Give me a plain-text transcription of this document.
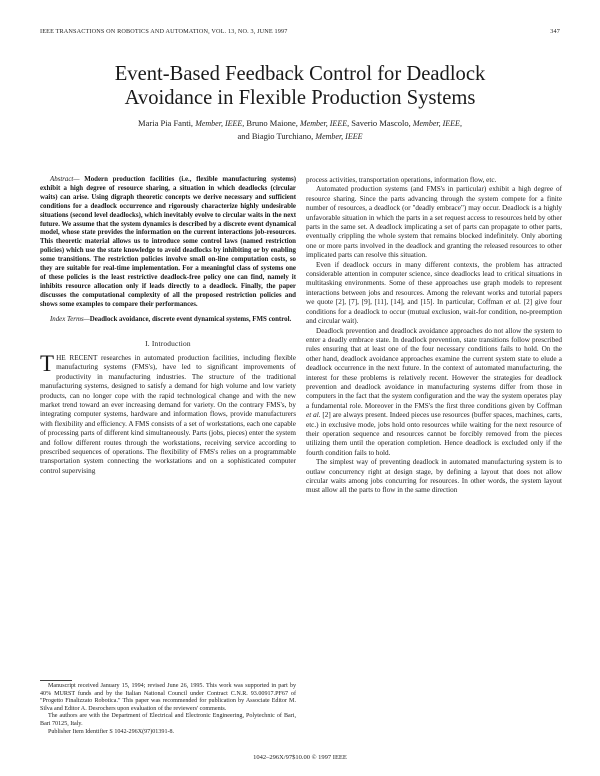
IEEE TRANSACTIONS ON ROBOTICS AND AUTOMATION, VOL. 13, NO. 3, JUNE 1997	347
Event-Based Feedback Control for Deadlock
Avoidance in Flexible Production Systems
Maria Pia Fanti, Member, IEEE, Bruno Maione, Member, IEEE, Saverio Mascolo, Member, IEEE,
and Biagio Turchiano, Member, IEEE

Abstract— Modern production facilities (i.e., flexible manufacturing systems) exhibit a high degree of resource sharing, a situation in which deadlocks (circular waits) can arise. Using digraph theoretic concepts we derive necessary and sufficient conditions for a deadlock occurrence and rigorously characterize highly undesirable situations (second level deadlocks), which inevitably evolve to circular waits in the next future. We assume that the system dynamics is described by a discrete event dynamical model, whose state provides the information on the current interactions job-resources. This theoretic material allows us to introduce some control laws (named restriction policies) which use the state knowledge to avoid deadlocks by inhibiting or by enabling some transitions. The restriction policies involve small on-line computation costs, so they are suitable for real-time implementation. For a meaningful class of systems one of these policies is the least restrictive deadlock-free policy one can find, namely it inhibits resource allocation only if leads directly to a deadlock. Finally, the paper discusses the computational complexity of all the proposed restriction policies and shows some examples to compare their performances.

Index Terms—Deadlock avoidance, discrete event dynamical systems, FMS control.

I. Introduction

THE RECENT researches in automated production facilities, including flexible manufacturing systems (FMS's), have led to significant improvements of productivity in manufacturing industries. The structure of the traditional manufacturing systems, designed to satisfy a demand for high volume and low variety products, can no longer cope with the rapid technological change and with the new market trend toward an ever increasing demand for variety. On the contrary FMS's, by integrating computer systems, hardware and information flows, provide manufacturers with flexibility and efficiency. A FMS consists of a set of workstations, each one capable of processing parts of different kind simultaneously. Parts (jobs, pieces) enter the system and follow different routes through the workstations, receiving service according to prescribed sequences of operations. The flexibility of FMS's relies on a programmable transportation system connecting the workstations and on a sophisticated computer control supervising

Manuscript received January 15, 1994; revised June 26, 1995. This work was supported in part by 40% MURST funds and by the Italian National Council under Contract C.N.R. 93.00917.PF67 of "Progetto Finalizzato Robotica." This paper was recommended for publication by Associate Editor M. Silva and Editor A. Desrochers upon evaluation of the reviewers' comments.

The authors are with the Department of Electrical and Electronic Engineering, Polytechnic of Bari, Bari 70125, Italy.

Publisher Item Identifier S 1042-296X(97)01391-8.

process activities, transportation operations, information flow, etc.

Automated production systems (and FMS's in particular) exhibit a high degree of resource sharing. Since the parts advancing through the system compete for a finite number of resources, a deadlock (or "deadly embrace") may occur. Deadlock is a highly unfavorable situation in which the parts in a set request access to resources held by other parts in the same set. A deadlock implicating a set of parts can propagate to other parts, eventually crippling the whole system that remains blocked indefinitely. Only aborting one or more parts involved in the deadlock and granting the released resources to other implicated parts can resolve this situation.

Even if deadlock occurs in many different contexts, the problem has attracted considerable attention in computer science, since deadlocks lead to critical situations in multitasking environments. Some of these approaches use graph models to represent interactions between jobs and resources. Among the relevant works and tutorial papers we quote [2], [7], [9], [11], [14], and [15]. In particular, Coffman et al. [2] give four conditions for a deadlock to occur (mutual exclusion, wait-for condition, no-preemption and circular wait).

Deadlock prevention and deadlock avoidance approaches do not allow the system to enter a deadly embrace state. In deadlock prevention, state transitions follow prescribed rules ensuring that at least one of the four necessary conditions fails to hold. On the other hand, deadlock avoidance approaches examine the current system state to elude a deadlock occurrence in the next future. In the context of automated manufacturing, the interest for these problems is relatively recent. However the strategies for deadlock prevention and deadlock avoidance in manufacturing systems differ from those in computers in the fact that the system configuration and the way the system operates play a fundamental role. Moreover in the FMS's the first three conditions given by Coffman et al. [2] are always present. Indeed pieces use resources (buffer spaces, machines, carts, etc.) in exclusive mode, jobs hold onto resources while waiting for the next resource of their operation sequence and resources cannot be forcibly removed from the pieces utilizing them until the operation completion. Hence deadlock is excluded only if the fourth condition fails to hold.

The simplest way of preventing deadlock in automated manufacturing system is to outlaw concurrency right at design stage, by defining a layout that does not allow circular waits among jobs concurring for resources. In other words, the system layout must allow all the parts to flow in the same direction

1042–296X/97$10.00 © 1997 IEEE
